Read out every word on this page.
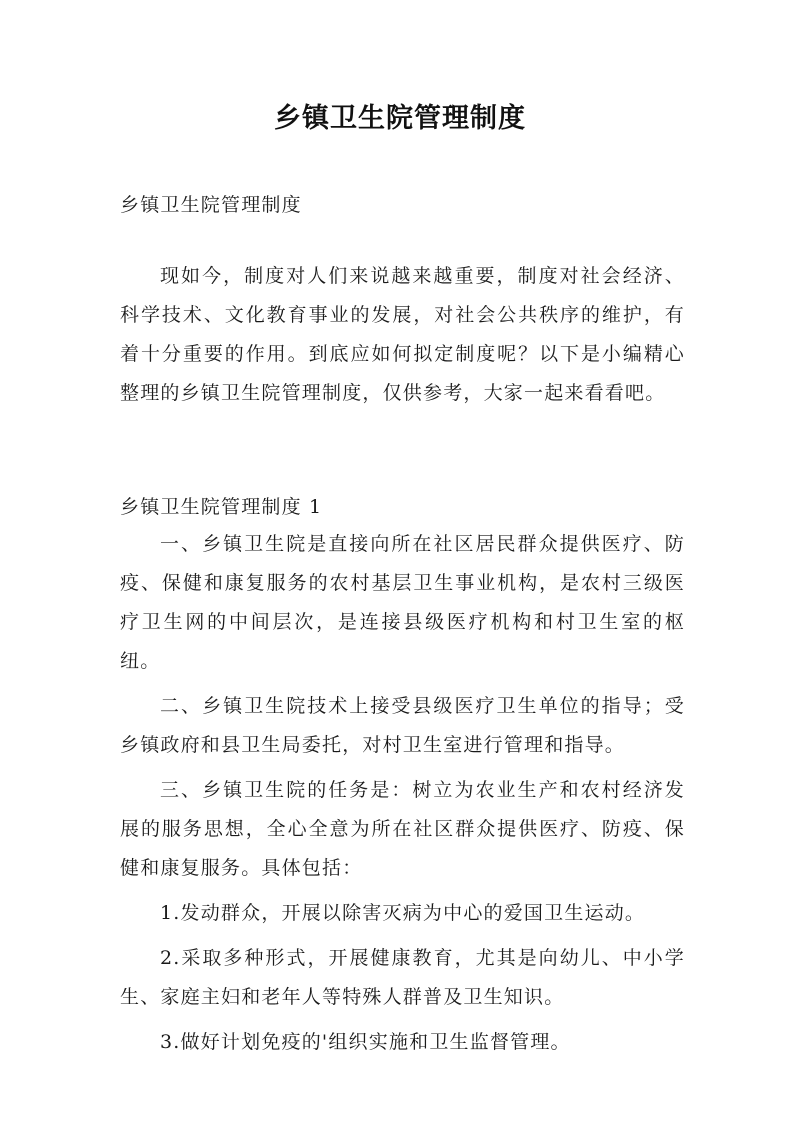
乡镇卫生院管理制度
乡镇卫生院管理制度
现如今，制度对人们来说越来越重要，制度对社会经济、科学技术、文化教育事业的发展，对社会公共秩序的维护，有着十分重要的作用。到底应如何拟定制度呢？以下是小编精心整理的乡镇卫生院管理制度，仅供参考，大家一起来看看吧。
乡镇卫生院管理制度 1

一、乡镇卫生院是直接向所在社区居民群众提供医疗、防疫、保健和康复服务的农村基层卫生事业机构，是农村三级医疗卫生网的中间层次，是连接县级医疗机构和村卫生室的枢纽。

二、乡镇卫生院技术上接受县级医疗卫生单位的指导；受乡镇政府和县卫生局委托，对村卫生室进行管理和指导。

三、乡镇卫生院的任务是：树立为农业生产和农村经济发展的服务思想，全心全意为所在社区群众提供医疗、防疫、保健和康复服务。具体包括：

1.发动群众，开展以除害灭病为中心的爱国卫生运动。

2.采取多种形式，开展健康教育，尤其是向幼儿、中小学生、家庭主妇和老年人等特殊人群普及卫生知识。

3.做好计划免疫的'组织实施和卫生监督管理。
